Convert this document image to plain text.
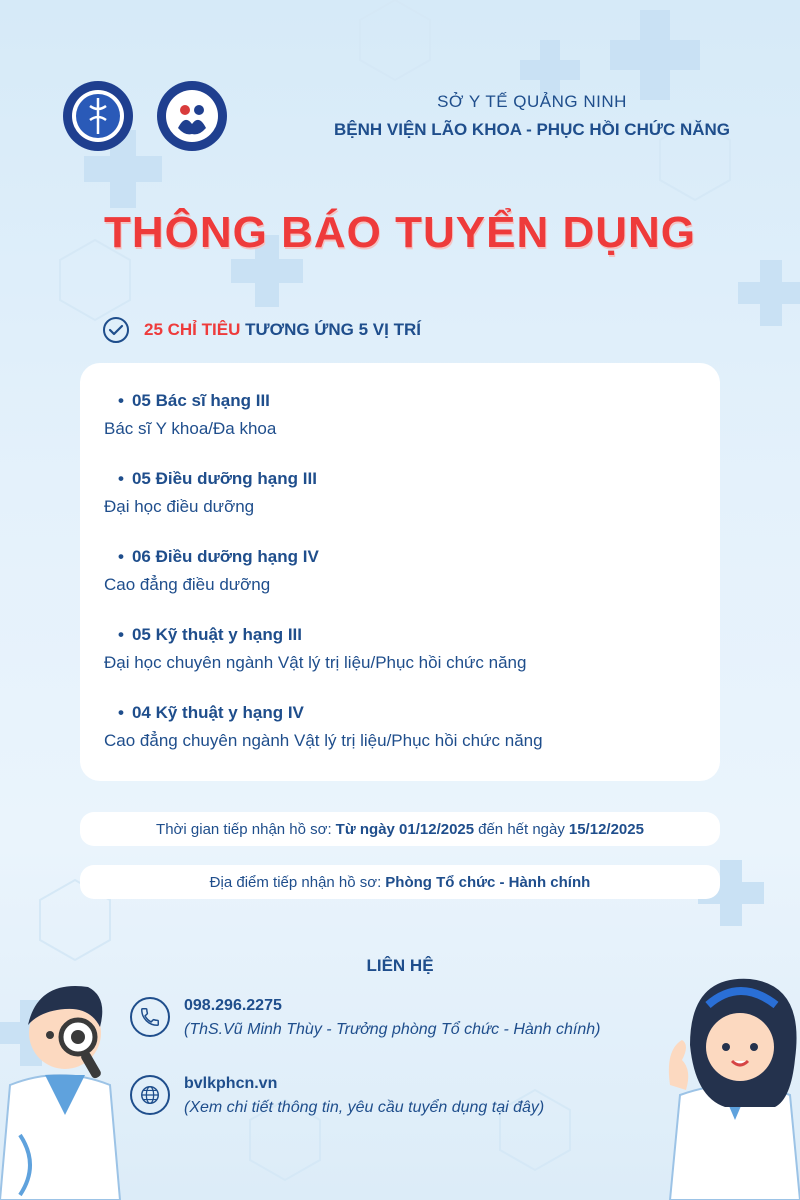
SỞ Y TẾ QUẢNG NINH
BỆNH VIỆN LÃO KHOA - PHỤC HỒI CHỨC NĂNG
THÔNG BÁO TUYỂN DỤNG
25 CHỈ TIÊU TƯƠNG ỨNG 5 VỊ TRÍ
• 05 Bác sĩ hạng III
Bác sĩ Y khoa/Đa khoa
• 05 Điều dưỡng hạng III
Đại học điều dưỡng
• 06 Điều dưỡng hạng IV
Cao đẳng điều dưỡng
• 05 Kỹ thuật y hạng III
Đại học chuyên ngành Vật lý trị liệu/Phục hồi chức năng
• 04 Kỹ thuật y hạng IV
Cao đẳng chuyên ngành Vật lý trị liệu/Phục hồi chức năng
Thời gian tiếp nhận hồ sơ: Từ ngày 01/12/2025 đến hết ngày 15/12/2025
Địa điểm tiếp nhận hồ sơ: Phòng Tổ chức - Hành chính
LIÊN HỆ
098.296.2275
(ThS.Vũ Minh Thùy - Trưởng phòng Tổ chức - Hành chính)
bvlkphcn.vn
(Xem chi tiết thông tin, yêu cầu tuyển dụng tại đây)
